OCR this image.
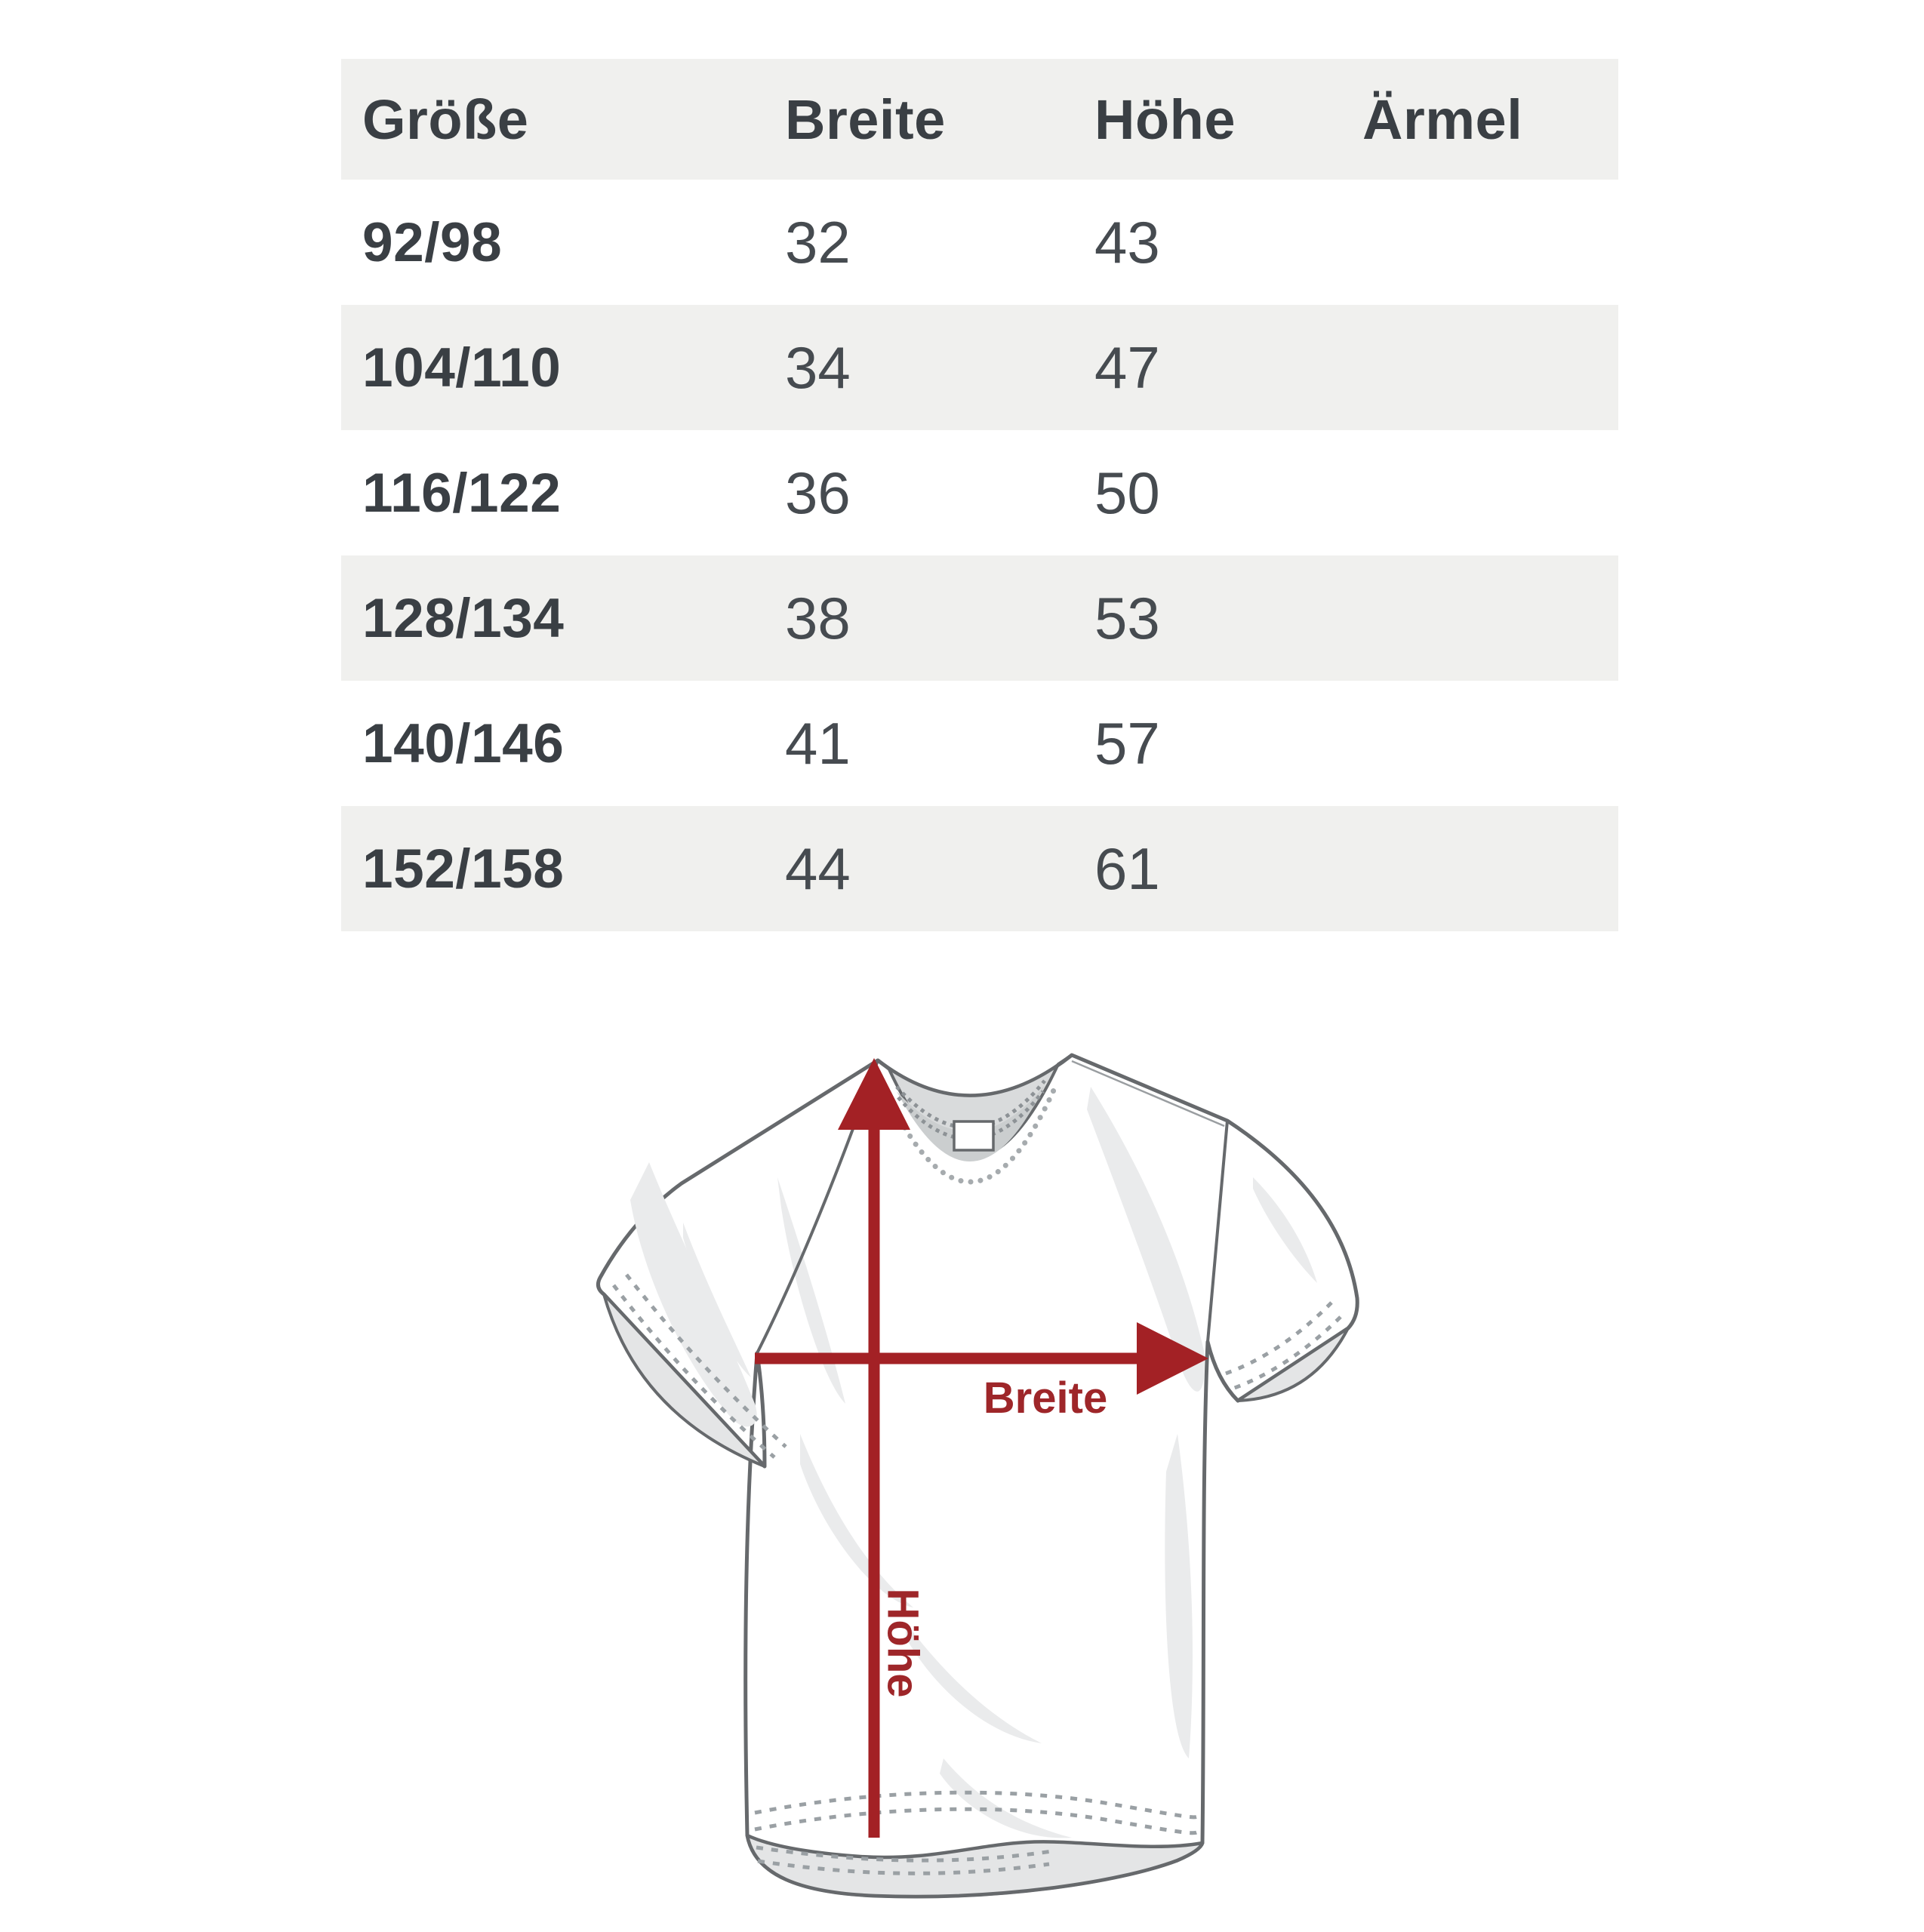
Größe	Breite	Höhe	Ärmel
92/98	32	43
104/110	34	47
116/122	36	50
128/134	38	53
140/146	41	57
152/158	44	61
Breite
Höhe
